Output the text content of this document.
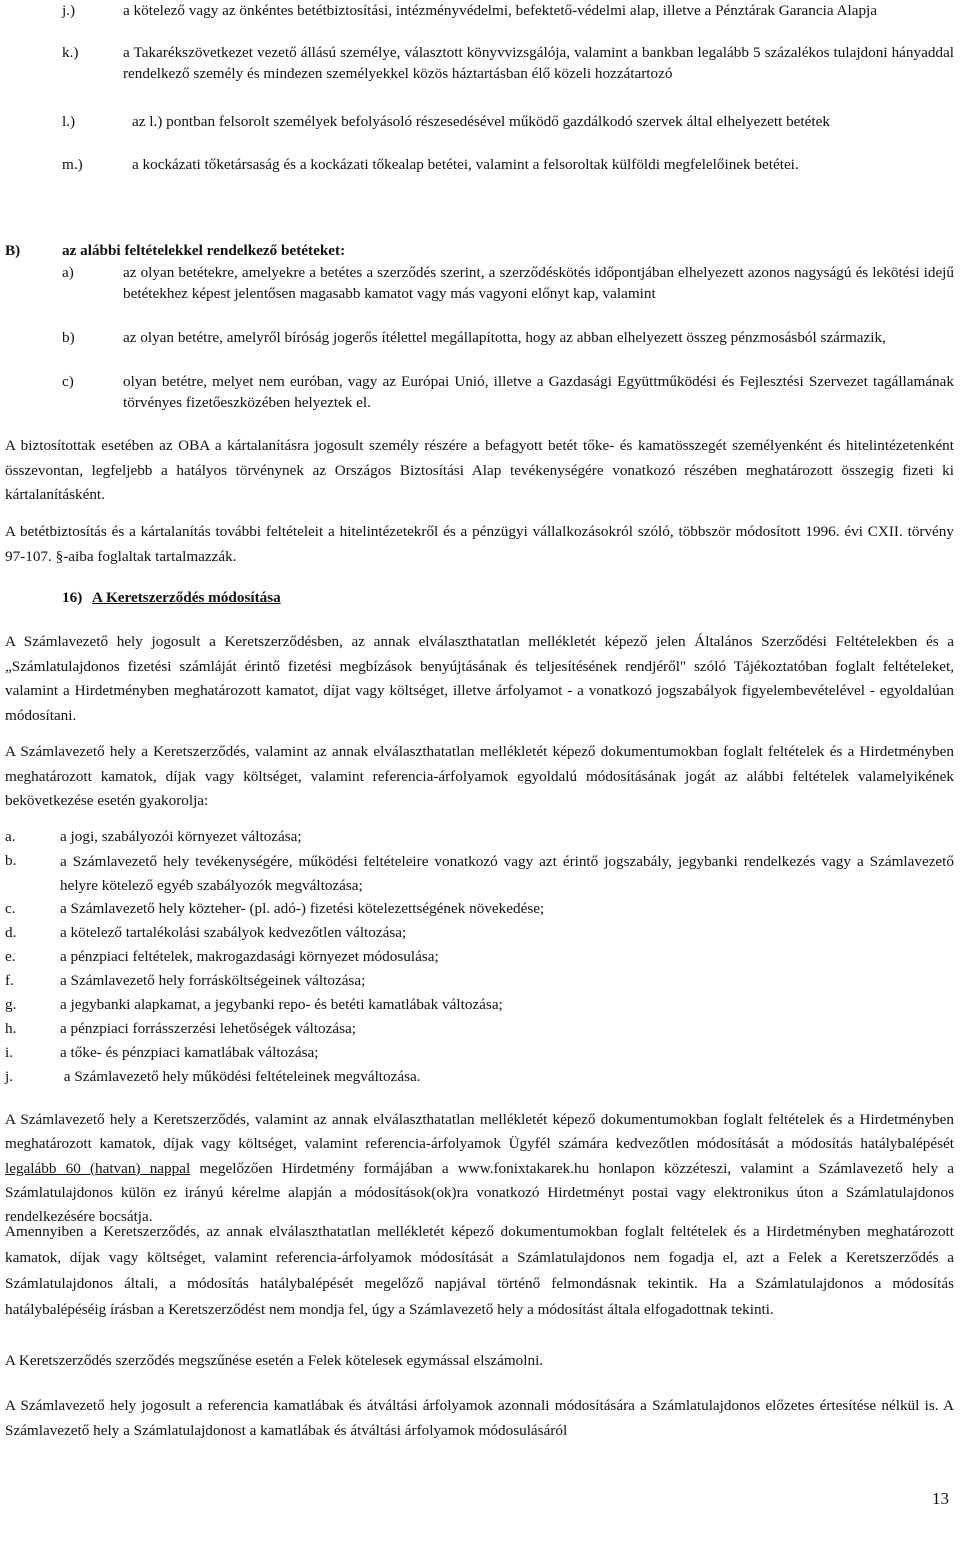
j.)	a kötelező vagy az önkéntes betétbiztosítási, intézményvédelmi, befektető-védelmi alap, illetve a Pénztárak Garancia Alapja
k.)	a Takarékszövetkezet vezető állású személye, választott könyvvizsgálója, valamint a bankban legalább 5 százalékos tulajdoni hányaddal rendelkező személy és mindezen személyekkel közös háztartásban élő közeli hozzátartozó
l.)	az l.) pontban felsorolt személyek befolyásoló részesedésével működő gazdálkodó szervek által elhelyezett betétek
m.)	a kockázati tőketársaság és a kockázati tőkealap betétei, valamint a felsoroltak külföldi megfelelőinek betétei.
B)	az alábbi feltételekkel rendelkező betéteket:
a)	az olyan betétekre, amelyekre a betétes a szerződés szerint, a szerződéskötés időpontjában elhelyezett azonos nagyságú és lekötési idejű betétekhez képest jelentősen magasabb kamatot vagy más vagyoni előnyt kap, valamint
b)	az olyan betétre, amelyről bíróság jogerős ítélettel megállapította, hogy az abban elhelyezett összeg pénzmosásból származik,
c)	olyan betétre, melyet nem euróban, vagy az Európai Unió, illetve a Gazdasági Együttműködési és Fejlesztési Szervezet tagállamának törvényes fizetőeszközében helyeztek el.
A biztosítottak esetében az OBA a kártalanításra jogosult személy részére a befagyott betét tőke- és kamatösszegét személyenként és hitelintézetenként összevontan, legfeljebb a hatályos törvénynek az Országos Biztosítási Alap tevékenységére vonatkozó részében meghatározott összegig fizeti ki kártalanításként.
A betétbiztosítás és a kártalanítás további feltételeit a hitelintézetekről és a pénzügyi vállalkozásokról szóló, többször módosított 1996. évi CXII. törvény 97-107. §-aiba foglaltak tartalmazzák.
16) A Keretszerződés módosítása
A Számlavezető hely jogosult a Keretszerződésben, az annak elválaszthatatlan mellékletét képező jelen Általános Szerződési Feltételekben és a „Számlatulajdonos fizetési számláját érintő fizetési megbízások benyújtásának és teljesítésének rendjéről" szóló Tájékoztatóban foglalt feltételeket, valamint a Hirdetményben meghatározott kamatot, díjat vagy költséget, illetve árfolyamot - a vonatkozó jogszabályok figyelembevételével - egyoldalúan módosítani.
A Számlavezető hely a Keretszerződés, valamint az annak elválaszthatatlan mellékletét képező dokumentumokban foglalt feltételek és a Hirdetményben meghatározott kamatok, díjak vagy költséget, valamint referencia-árfolyamok egyoldalú módosításának jogát az alábbi feltételek valamelyikének bekövetkezése esetén gyakorolja:
a.	a jogi, szabályozói környezet változása;
b.	a Számlavezető hely tevékenységére, működési feltételeire vonatkozó vagy azt érintő jogszabály, jegybanki rendelkezés vagy a Számlavezető helyre kötelező egyéb szabályozók megváltozása;
c.	a Számlavezető hely közteher- (pl. adó-) fizetési kötelezettségének növekedése;
d.	a kötelező tartalékolási szabályok kedvezőtlen változása;
e.	a pénzpiaci feltételek, makrogazdasági környezet módosulása;
f.	a Számlavezető hely forrásköltségeinek változása;
g.	a jegybanki alapkamat, a jegybanki repo- és betéti kamatlábak változása;
h.	a pénzpiaci forrásszerzési lehetőségek változása;
i.	a tőke- és pénzpiaci kamatlábak változása;
j.	a Számlavezető hely működési feltételeinek megváltozása.
A Számlavezető hely a Keretszerződés, valamint az annak elválaszthatatlan mellékletét képező dokumentumokban foglalt feltételek és a Hirdetményben meghatározott kamatok, díjak vagy költséget, valamint referencia-árfolyamok Ügyfél számára kedvezőtlen módosítását a módosítás hatálybalépését legalább 60 (hatvan) nappal megelőzően Hirdetmény formájában a www.fonixtakarek.hu honlapon közzéteszi, valamint a Számlavezető hely a Számlatulajdonos külön ez irányú kérelme alapján a módosítások(ok)ra vonatkozó Hirdetményt postai vagy elektronikus úton a Számlatulajdonos rendelkezésére bocsátja.
Amennyiben a Keretszerződés, az annak elválaszthatatlan mellékletét képező dokumentumokban foglalt feltételek és a Hirdetményben meghatározott kamatok, díjak vagy költséget, valamint referencia-árfolyamok módosítását a Számlatulajdonos nem fogadja el, azt a Felek a Keretszerződés a Számlatulajdonos általi, a módosítás hatálybalépését megelőző napjával történő felmondásnak tekintik. Ha a Számlatulajdonos a módosítás hatálybalépéséig írásban a Keretszerződést nem mondja fel, úgy a Számlavezető hely a módosítást általa elfogadottnak tekinti.
A Keretszerződés szerződés megszűnése esetén a Felek kötelesek egymással elszámolni.
A Számlavezető hely jogosult a referencia kamatlábak és átváltási árfolyamok azonnali módosítására a Számlatulajdonos előzetes értesítése nélkül is. A Számlavezető hely a Számlatulajdonost a kamatlábak és átváltási árfolyamok módosulásáról
13
